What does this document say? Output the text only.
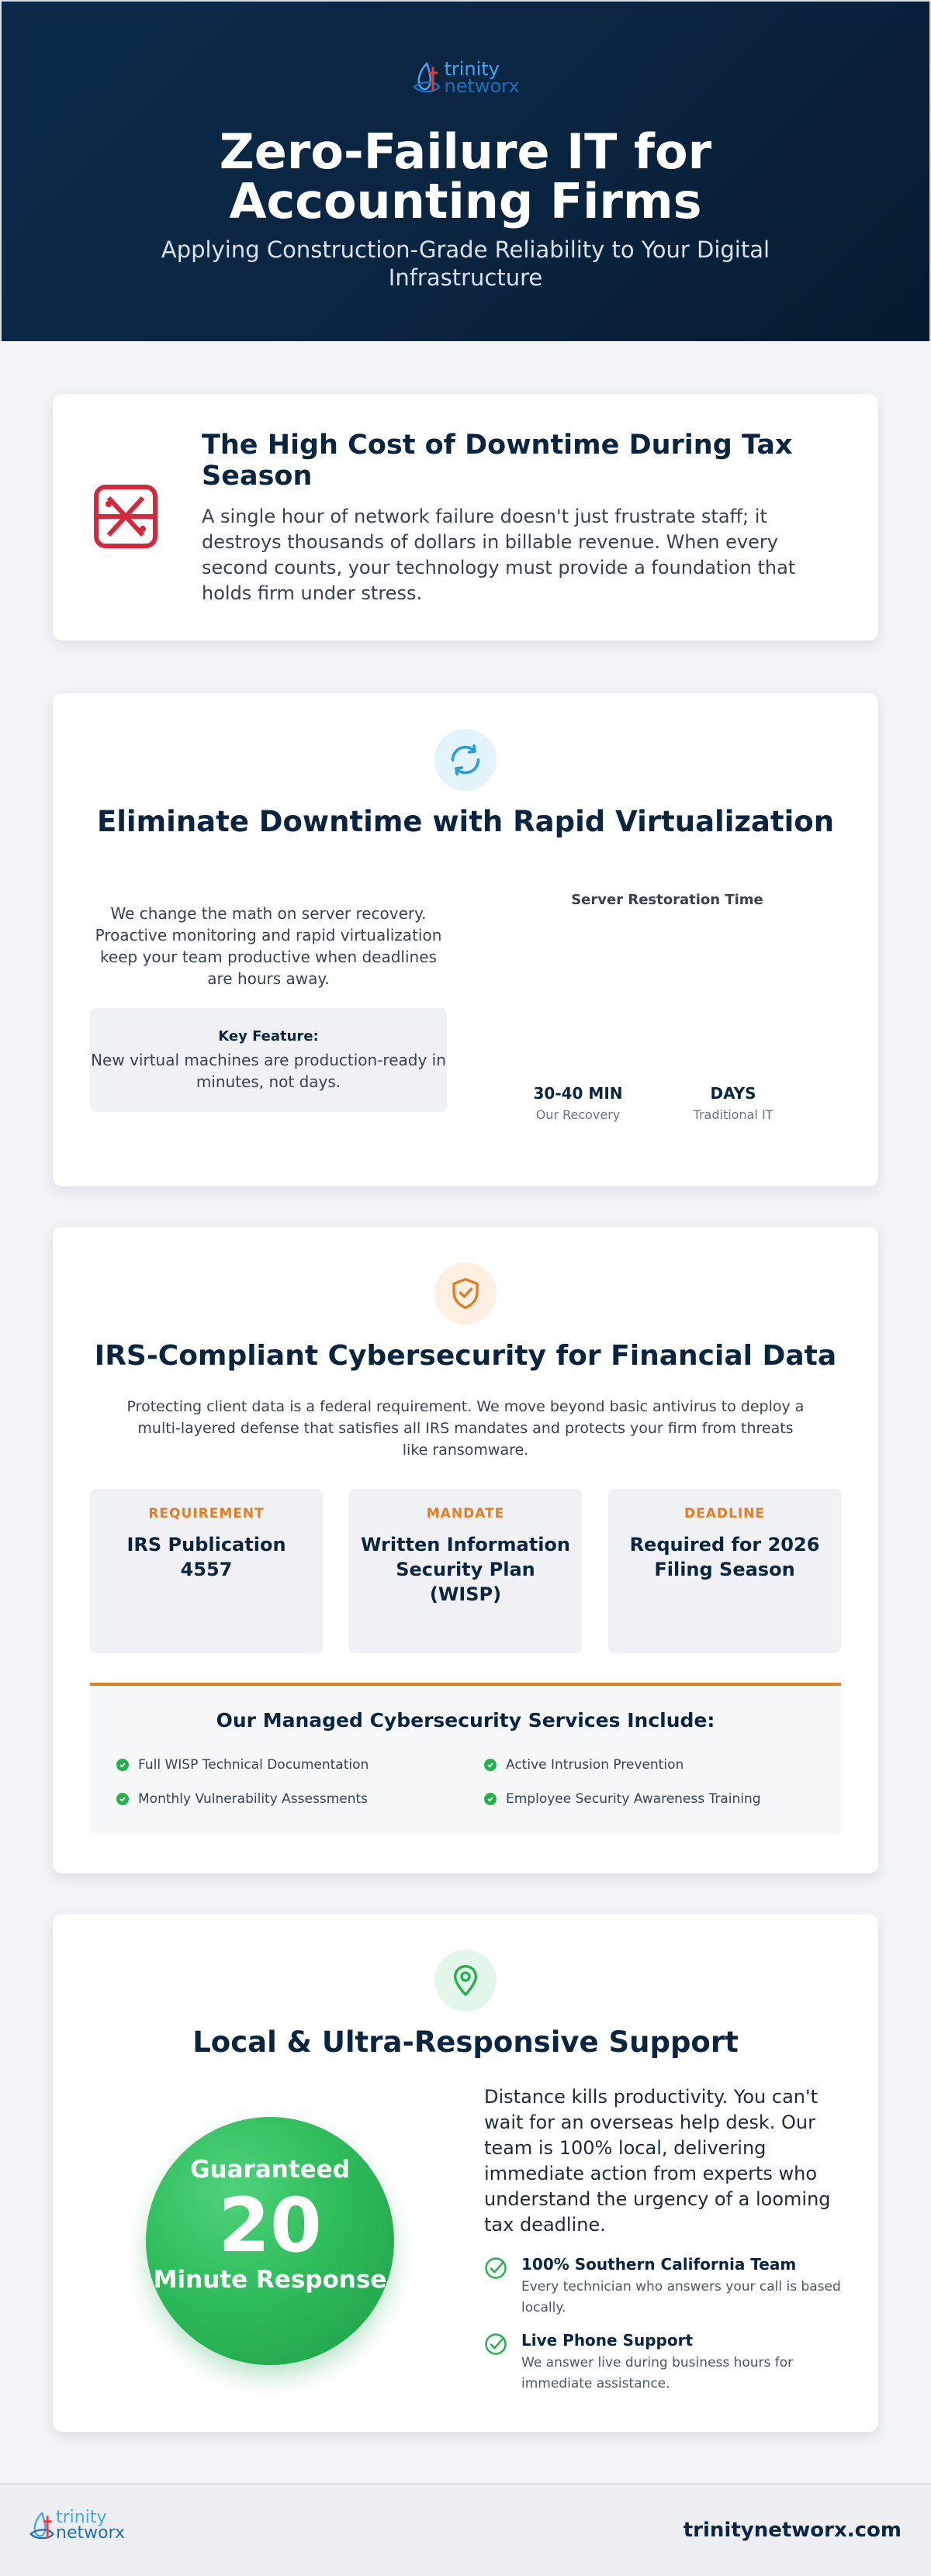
trinity
networx
Zero-Failure IT for Accounting Firms

Applying Construction-Grade Reliability to Your Digital Infrastructure

The High Cost of Downtime During Tax Season

A single hour of network failure doesn't just frustrate staff; it destroys thousands of dollars in billable revenue. When every second counts, your technology must provide a foundation that holds firm under stress.

Eliminate Downtime with Rapid Virtualization

We change the math on server recovery. Proactive monitoring and rapid virtualization keep your team productive when deadlines are hours away.

Key Feature:
New virtual machines are production-ready in minutes, not days.
Server Restoration Time
30-40 MIN
Our Recovery
DAYS
Traditional IT
IRS-Compliant Cybersecurity for Financial Data

Protecting client data is a federal requirement. We move beyond basic antivirus to deploy a multi-layered defense that satisfies all IRS mandates and protects your firm from threats like ransomware.

REQUIREMENT
IRS Publication 4557
MANDATE
Written Information Security Plan (WISP)
DEADLINE
Required for 2026 Filing Season
Our Managed Cybersecurity Services Include:
Full WISP Technical Documentation	Active Intrusion Prevention
Monthly Vulnerability Assessments	Employee Security Awareness Training
Local & Ultra-Responsive Support
Guaranteed
20
Minute Response

Distance kills productivity. You can't wait for an overseas help desk. Our team is 100% local, delivering immediate action from experts who understand the urgency of a looming tax deadline.

100% Southern California Team
Every technician who answers your call is based locally.
Live Phone Support
We answer live during business hours for immediate assistance.
trinity
networx	trinitynetworx.com
